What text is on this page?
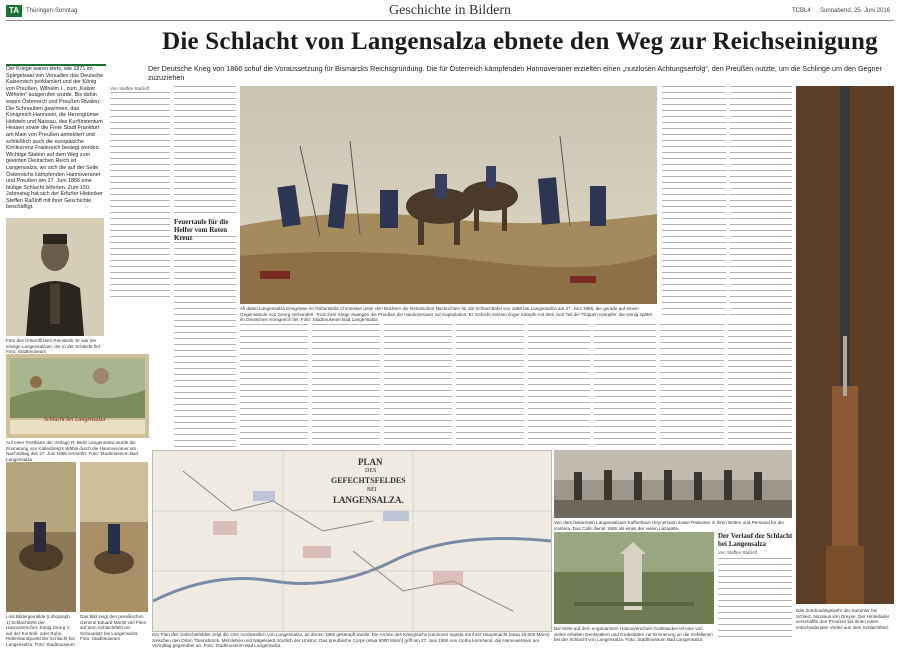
TA	Thüringen-Sonntag	Geschichte in Bildern	TCBL4 Sonnabend, 25. Juni 2016
Die Schlacht von Langensalza ebnete den Weg zur Reichseinigung
Der Deutsche Krieg von 1866 schuf die Voraussetzung für Bismarcks Reichsgründung. Die für Österreich kämpfenden Hannoveraner erzielten einen „nutzlosen Achtungserfolg“, den Preußen nutzte, um die Schlinge um den Gegner zuzuziehen
Der Kriege waren stets, wie 1871 im Spiegelsaal von Versailles das Deutsche Kaiserreich proklamiert und der König von Preußen, Wilhelm I., zum „Kaiser Wilhelm“ ausgerufen wurde. Bis dahin waren Österreich und Preußen Rivalen. Die Schnauben gewinnen, das Königreich Hannover, die Herzogtümer Holstein und Nassau, das Kurfürstentum Hessen sowie die Freie Stadt Frankfurt am Main von Preußen annektiert und schließlich auch die europäische Konkurrenz Frankreich besiegt worden. Wichtige Station auf dem Weg zum geeinten Deutschen Reich ist Langensalza, wo sich die auf der Seite Österreichs kämpfenden Hannoveraner und Preußen am 27. Juni 1866 eine blutige Schlacht lieferten. Zum 150. Jahrestag hat sich der Erfurter Historiker Steffen Raßloff mit ihrer Geschichte beschäftigt.
Foto des Unteroffiziers Reinstedt. Er war der einzige Langensalzaer, der in der Schlacht fiel. Foto: Stadtmuseum
Schlacht bei Langensalza
Auf einer Postkarte der Verlage R. Beltz Langensalza wurde die Erinnerung von Kaltenborg's Wähle durch die Hannoveraner am Nachmittag des 27. Juni 1866 vermerkt. Foto: Stadtmuseum Bad Langensalza
Von Steffen Raßloff
Feuertaufe für die Helfer vom Roten Kreuz
All dabei Langensalza Ereignisse im Geburtsbild Chronisten unter den Büchern die historischen Nachrichten für die Schlachttafel von 1866 bei Langensalza am 27. Juni 1866, die gerade auf einem Gegenstände von Georg vorhanden. Trotz ihrer Siege zwangen die Preußen die Hannoveraner zur Kapitulation. Er Gefecht setzten sogar Kämpfe mit dem zum Teil die Truppen Kämpfer, die wenig später im Deutschen Königreich fiel. Foto: Stadtmuseum Bad Langensalza
Das Zündnadelgewehr der Sammler bei Schleiz, Nicolaus von Dreyse. Der Hinterlader verschaffte den Preußen bis ihnen einen entscheidenden Vorteil aus dem Schlachtfeld.
PLAN
DES
GEFECHTSFELDES
BEI
LANGENSALZA.
Der Plan des Gefechtsfeldes zeigt die Orte nordwestlich von Langensalza, an denen 1866 gekämpft wurde. Die Armee des Königreichs Hannover lagerte mit ihrer Hauptmacht (etwa 19.000 Mann) zwischen den Orten Thamsbrück, Merxleben und Nägelstedt nördlich der Unstrut. Das preußische Corps (etwa 9000 Mann) griff am 27. Juni 1866 von Gotha kommend, die Hannoveraner am Vormittag gegenüber an. Foto: Stadtmuseum Bad Langensalza
Von dem bekannten Langensalzaer Kaffeehaus Heynemann sowie Patienten in ihren Betten und Personal für die Kamera. Das Café diente 1866 als eines der vielen Lazarette.
Die Stele auf dem ungenannten Hannoverschen Gottesacker ist eine von vielen erhalten Denkmälern und Grabstätten zur Erinnerung an die Gefallenen bei der Schlacht von Langensalza. Foto: Stadtmuseum Bad Langensalza
Der Verlauf der Schlacht bei Langensalza
Von Steffen Raßloff
Lost Bildergemälde (Lithograph. 1) Schlachtorte der Hannoverschen König Georg V. auf der Kontroll- oder Ruhe Reiterstandpunkt der Schlacht bei Langensalza. Foto: Stadtmuseum
Das Bild zeigt den preußischen General Eduard Moritz von Flies auf dem Schlachtfeld am Schauplatz bei Langensalza. Foto: Stadtmuseum
